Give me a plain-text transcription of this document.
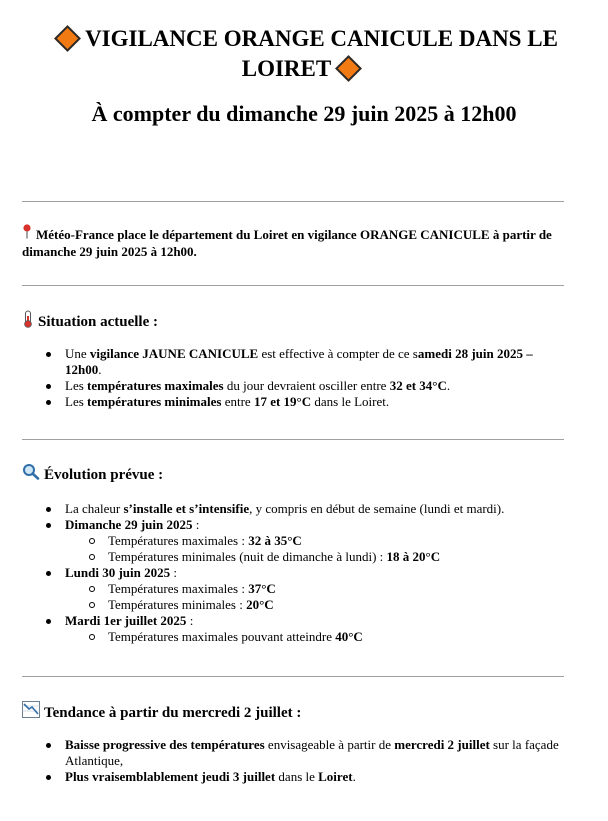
VIGILANCE ORANGE CANICULE DANS LE
LOIRET
À compter du dimanche 29 juin 2025 à 12h00
Météo-France place le département du Loiret en vigilance ORANGE CANICULE à partir de dimanche 29 juin 2025 à 12h00.
Situation actuelle :
Une vigilance JAUNE CANICULE est effective à compter de ce samedi 28 juin 2025 – 12h00.
Les températures maximales du jour devraient osciller entre 32 et 34°C.
Les températures minimales entre 17 et 19°C dans le Loiret.
Évolution prévue :
La chaleur s’installe et s’intensifie, y compris en début de semaine (lundi et mardi).
Dimanche 29 juin 2025 :
Températures maximales : 32 à 35°C
Températures minimales (nuit de dimanche à lundi) : 18 à 20°C
Lundi 30 juin 2025 :
Températures maximales : 37°C
Températures minimales : 20°C
Mardi 1er juillet 2025 :
Températures maximales pouvant atteindre 40°C
Tendance à partir du mercredi 2 juillet :
Baisse progressive des températures envisageable à partir de mercredi 2 juillet sur la façade Atlantique,
Plus vraisemblablement jeudi 3 juillet dans le Loiret.
